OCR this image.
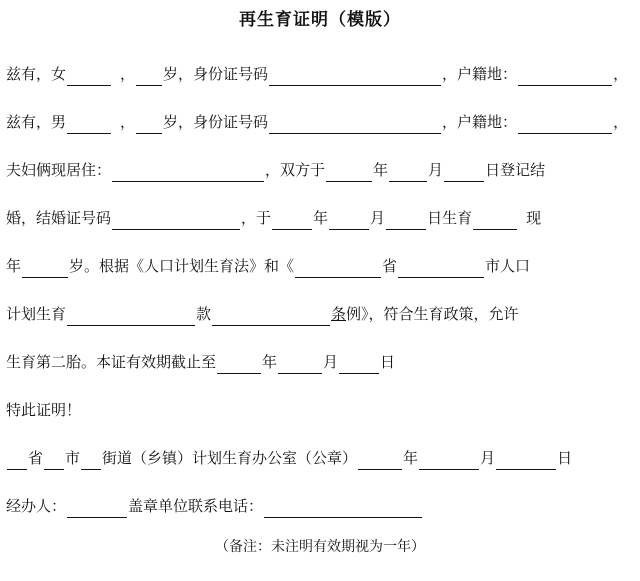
再生育证明（模版）
兹有，女	， 岁，身份证号码	，户籍地：	，
兹有，男	， 岁，身份证号码	，户籍地：	，
夫妇俩现居住：	，双方于	年	月	日登记结
婚，结婚证号码	，于	年	月	日生育	现
年	岁。根据《人口计划生育法》和《	省	市人口
计划生育	款	条例》，符合生育政策，允许
生育第二胎。本证有效期截止至	年	月	日
特此证明！
省 市 街道（乡镇）计划生育办公室（公章）	年	月	日
经办人：	盖章单位联系电话：
（备注：未注明有效期视为一年）
